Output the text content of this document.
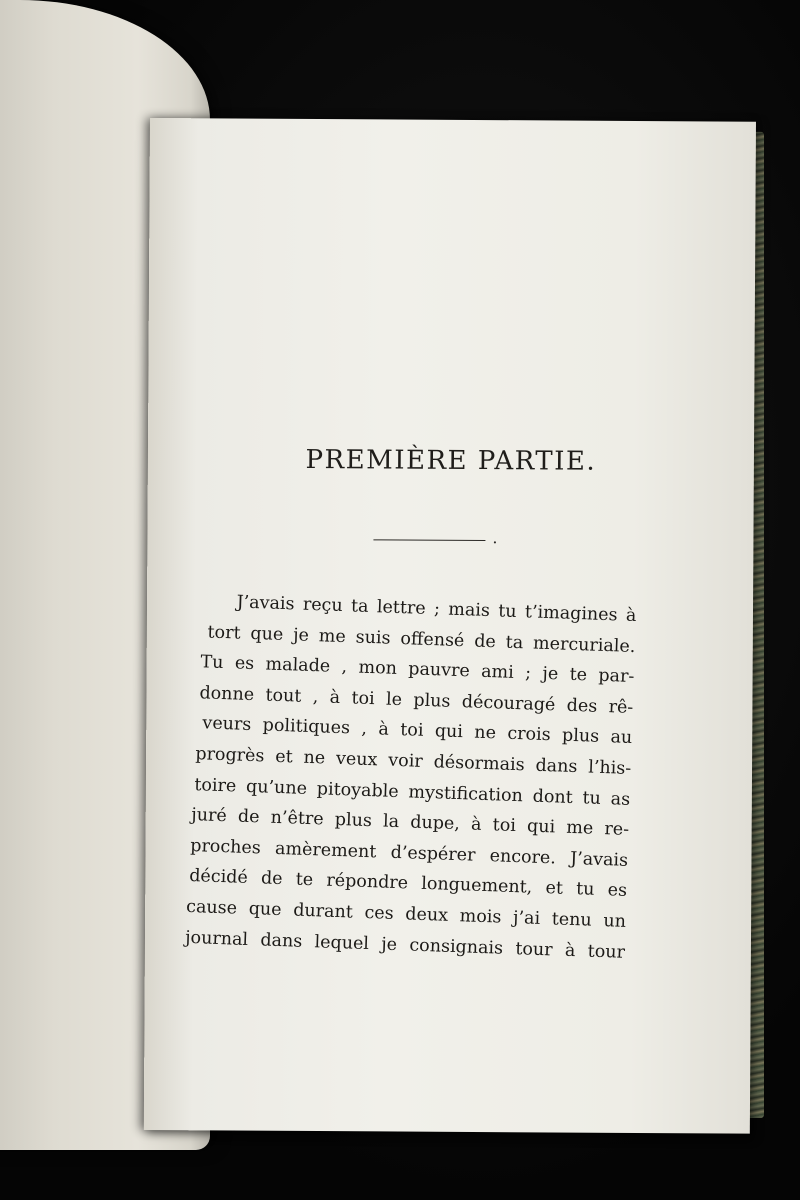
PREMIÈRE PARTIE.
.
J’avais reçu ta lettre ; mais tu t’imagines à
tort que je me suis offensé de ta mercuriale.
Tu es malade , mon pauvre ami ; je te par-
donne tout , à toi le plus découragé des rê-
veurs politiques , à toi qui ne crois plus au
progrès et ne veux voir désormais dans l’his-
toire qu’une pitoyable mystification dont tu as
juré de n’être plus la dupe, à toi qui me re-
proches amèrement d’espérer encore. J’avais
décidé de te répondre longuement, et tu es
cause que durant ces deux mois j’ai tenu un
journal dans lequel je consignais tour à tour
